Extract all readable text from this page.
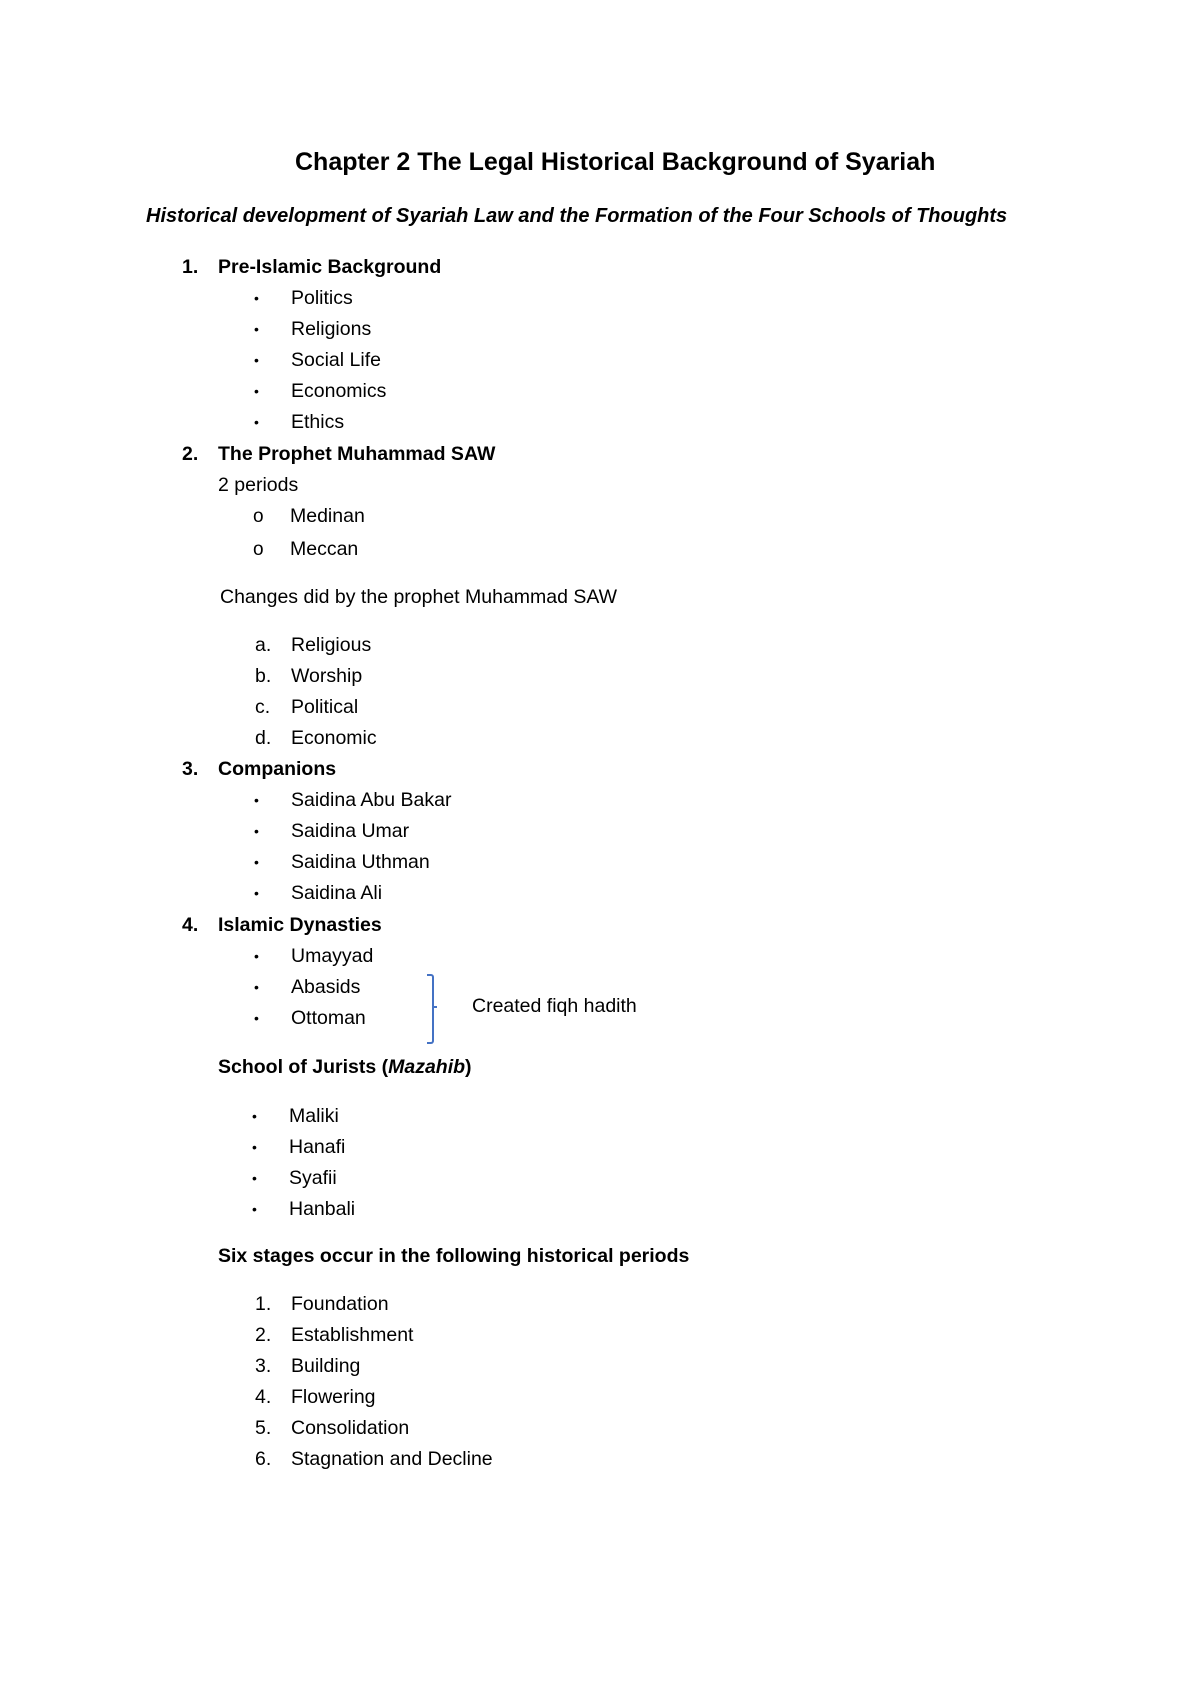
Chapter 2 The Legal Historical Background of Syariah
Historical development of Syariah Law and the Formation of the Four Schools of Thoughts
1. Pre-Islamic Background
• Politics
• Religions
• Social Life
• Economics
• Ethics
2. The Prophet Muhammad SAW
2 periods
o Medinan
o Meccan
Changes did by the prophet Muhammad SAW
a. Religious
b. Worship
c. Political
d. Economic
3. Companions
• Saidina Abu Bakar
• Saidina Umar
• Saidina Uthman
• Saidina Ali
4. Islamic Dynasties
• Umayyad
• Abasids
• Ottoman
Created fiqh hadith
School of Jurists (Mazahib)
• Maliki
• Hanafi
• Syafii
• Hanbali
Six stages occur in the following historical periods
1. Foundation
2. Establishment
3. Building
4. Flowering
5. Consolidation
6. Stagnation and Decline
